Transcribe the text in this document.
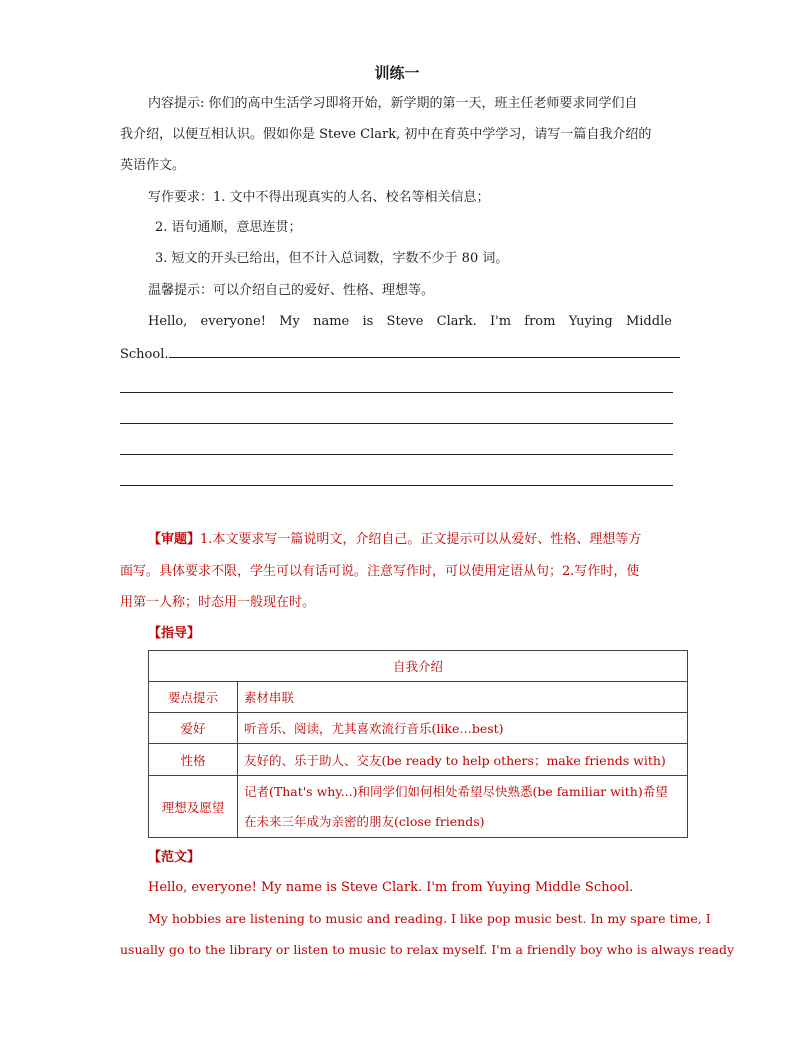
训练一
内容提示: 你们的高中生活学习即将开始，新学期的第一天，班主任老师要求同学们自
我介绍，以便互相认识。假如你是 Steve Clark, 初中在育英中学学习，请写一篇自我介绍的
英语作文。
写作要求：1. 文中不得出现真实的人名、校名等相关信息；
2. 语句通顺，意思连贯；
3. 短文的开头已给出，但不计入总词数，字数不少于 80 词。
温馨提示：可以介绍自己的爱好、性格、理想等。
Hello, everyone! My name is Steve Clark. I'm from Yuying Middle
School.
【审题】1.本文要求写一篇说明文，介绍自己。正文提示可以从爱好、性格、理想等方
面写。具体要求不限，学生可以有话可说。注意写作时，可以使用定语从句；2.写作时，使
用第一人称；时态用一般现在时。
【指导】
自我介绍	
要点提示	素材串联
爱好	听音乐、阅读，尤其喜欢流行音乐(like…best)
性格	友好的、乐于助人、交友(be ready to help others；make friends with)
理想及愿望	记者(That's why...)和同学们如何相处希望尽快熟悉(be familiar with)希望
在未来三年成为亲密的朋友(close friends)
【范文】
Hello, everyone! My name is Steve Clark. I'm from Yuying Middle School.
My hobbies are listening to music and reading. I like pop music best. In my spare time, I
usually go to the library or listen to music to relax myself. I'm a friendly boy who is always ready
